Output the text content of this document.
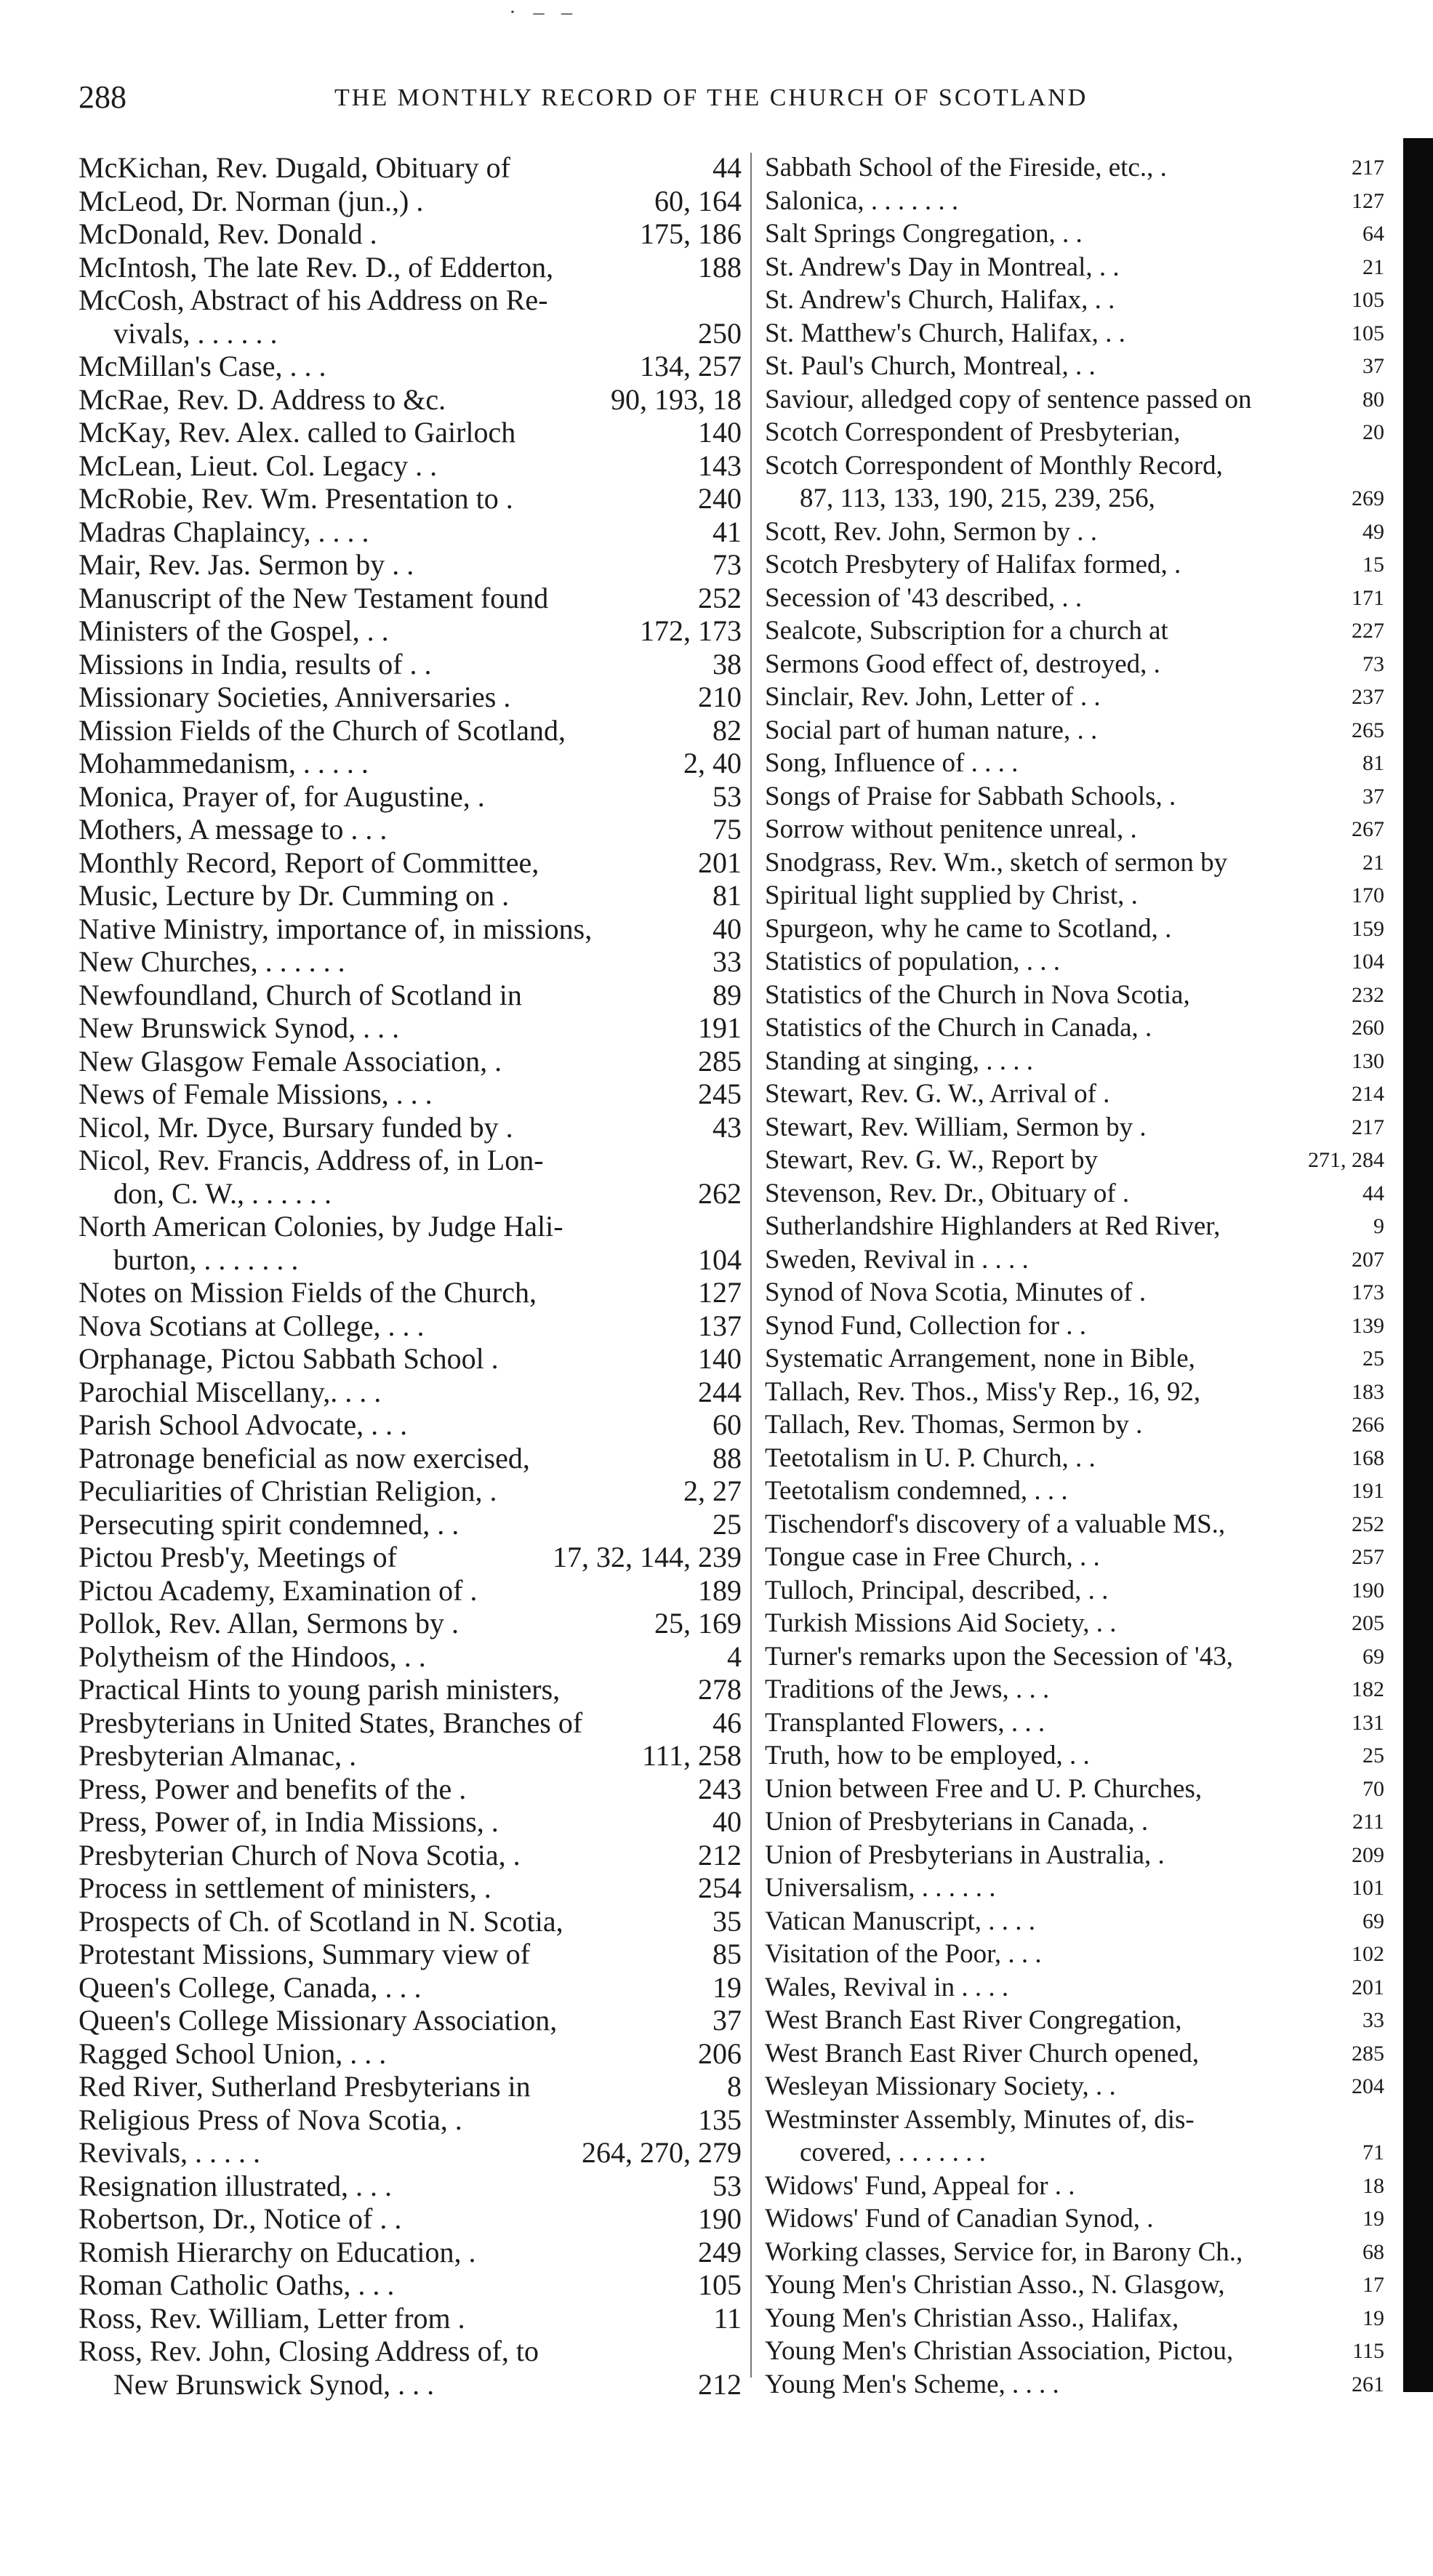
· – –
288	THE MONTHLY RECORD OF THE CHURCH OF SCOTLAND
McKichan, Rev. Dugald, Obituary of	44
McLeod, Dr. Norman (jun.,) .	60, 164
McDonald, Rev. Donald .	175, 186
McIntosh, The late Rev. D., of Edderton,	188
McCosh, Abstract of his Address on Re-
vivals, . . . . . .	250
McMillan's Case, . . .	134, 257
McRae, Rev. D. Address to &c.	90, 193, 18
McKay, Rev. Alex. called to Gairloch	140
McLean, Lieut. Col. Legacy . .	143
McRobie, Rev. Wm. Presentation to .	240
Madras Chaplaincy, . . . .	41
Mair, Rev. Jas. Sermon by . .	73
Manuscript of the New Testament found	252
Ministers of the Gospel, . .	172, 173
Missions in India, results of . .	38
Missionary Societies, Anniversaries .	210
Mission Fields of the Church of Scotland,	82
Mohammedanism, . . . . .	2, 40
Monica, Prayer of, for Augustine, .	53
Mothers, A message to . . .	75
Monthly Record, Report of Committee,	201
Music, Lecture by Dr. Cumming on .	81
Native Ministry, importance of, in missions,	40
New Churches, . . . . . .	33
Newfoundland, Church of Scotland in	89
New Brunswick Synod, . . .	191
New Glasgow Female Association, .	285
News of Female Missions, . . .	245
Nicol, Mr. Dyce, Bursary funded by .	43
Nicol, Rev. Francis, Address of, in Lon-
don, C. W., . . . . . .	262
North American Colonies, by Judge Hali-
burton, . . . . . . .	104
Notes on Mission Fields of the Church,	127
Nova Scotians at College, . . .	137
Orphanage, Pictou Sabbath School .	140
Parochial Miscellany,. . . .	244
Parish School Advocate, . . .	60
Patronage beneficial as now exercised,	88
Peculiarities of Christian Religion, .	2, 27
Persecuting spirit condemned, . .	25
Pictou Presb'y, Meetings of	17, 32, 144, 239
Pictou Academy, Examination of .	189
Pollok, Rev. Allan, Sermons by .	25, 169
Polytheism of the Hindoos, . .	4
Practical Hints to young parish ministers,	278
Presbyterians in United States, Branches of	46
Presbyterian Almanac, .	111, 258
Press, Power and benefits of the .	243
Press, Power of, in India Missions, .	40
Presbyterian Church of Nova Scotia, .	212
Process in settlement of ministers, .	254
Prospects of Ch. of Scotland in N. Scotia,	35
Protestant Missions, Summary view of	85
Queen's College, Canada, . . .	19
Queen's College Missionary Association,	37
Ragged School Union, . . .	206
Red River, Sutherland Presbyterians in	8
Religious Press of Nova Scotia, .	135
Revivals, . . . . .	264, 270, 279
Resignation illustrated, . . .	53
Robertson, Dr., Notice of . .	190
Romish Hierarchy on Education, .	249
Roman Catholic Oaths, . . .	105
Ross, Rev. William, Letter from .	11
Ross, Rev. John, Closing Address of, to
New Brunswick Synod, . . .	212
Sabbath School of the Fireside, etc., .	217
Salonica, . . . . . . .	127
Salt Springs Congregation, . .	64
St. Andrew's Day in Montreal, . .	21
St. Andrew's Church, Halifax, . .	105
St. Matthew's Church, Halifax, . .	105
St. Paul's Church, Montreal, . .	37
Saviour, alledged copy of sentence passed on	80
Scotch Correspondent of Presbyterian,	20
Scotch Correspondent of Monthly Record,
87, 113, 133, 190, 215, 239, 256,	269
Scott, Rev. John, Sermon by . .	49
Scotch Presbytery of Halifax formed, .	15
Secession of '43 described, . .	171
Sealcote, Subscription for a church at	227
Sermons Good effect of, destroyed, .	73
Sinclair, Rev. John, Letter of . .	237
Social part of human nature, . .	265
Song, Influence of . . . .	81
Songs of Praise for Sabbath Schools, .	37
Sorrow without penitence unreal, .	267
Snodgrass, Rev. Wm., sketch of sermon by	21
Spiritual light supplied by Christ, .	170
Spurgeon, why he came to Scotland, .	159
Statistics of population, . . .	104
Statistics of the Church in Nova Scotia,	232
Statistics of the Church in Canada, .	260
Standing at singing, . . . .	130
Stewart, Rev. G. W., Arrival of .	214
Stewart, Rev. William, Sermon by .	217
Stewart, Rev. G. W., Report by	271, 284
Stevenson, Rev. Dr., Obituary of .	44
Sutherlandshire Highlanders at Red River,	9
Sweden, Revival in . . . .	207
Synod of Nova Scotia, Minutes of .	173
Synod Fund, Collection for . .	139
Systematic Arrangement, none in Bible,	25
Tallach, Rev. Thos., Miss'y Rep., 16, 92,	183
Tallach, Rev. Thomas, Sermon by .	266
Teetotalism in U. P. Church, . .	168
Teetotalism condemned, . . .	191
Tischendorf's discovery of a valuable MS.,	252
Tongue case in Free Church, . .	257
Tulloch, Principal, described, . .	190
Turkish Missions Aid Society, . .	205
Turner's remarks upon the Secession of '43,	69
Traditions of the Jews, . . .	182
Transplanted Flowers, . . .	131
Truth, how to be employed, . .	25
Union between Free and U. P. Churches,	70
Union of Presbyterians in Canada, .	211
Union of Presbyterians in Australia, .	209
Universalism, . . . . . .	101
Vatican Manuscript, . . . .	69
Visitation of the Poor, . . .	102
Wales, Revival in . . . .	201
West Branch East River Congregation,	33
West Branch East River Church opened,	285
Wesleyan Missionary Society, . .	204
Westminster Assembly, Minutes of, dis-
covered, . . . . . . .	71
Widows' Fund, Appeal for . .	18
Widows' Fund of Canadian Synod, .	19
Working classes, Service for, in Barony Ch.,	68
Young Men's Christian Asso., N. Glasgow,	17
Young Men's Christian Asso., Halifax,	19
Young Men's Christian Association, Pictou,	115
Young Men's Scheme, . . . .	261
